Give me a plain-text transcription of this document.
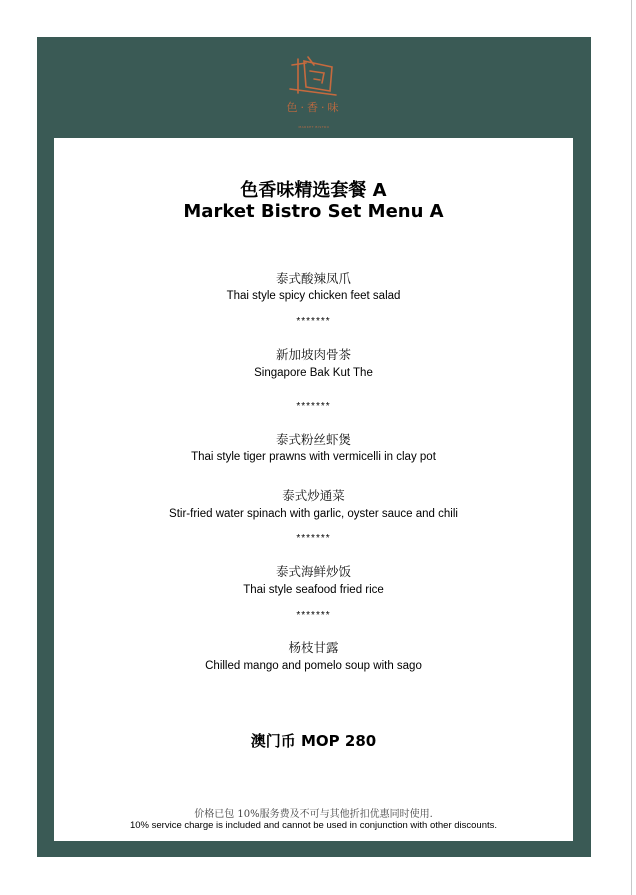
色·香·味
MARKET BISTRO
色香味精选套餐 A
Market Bistro Set Menu A
泰式酸辣凤爪
Thai style spicy chicken feet salad
*******
新加坡肉骨茶
Singapore Bak Kut The
*******
泰式粉丝虾煲
Thai style tiger prawns with vermicelli in clay pot
泰式炒通菜
Stir-fried water spinach with garlic, oyster sauce and chili
*******
泰式海鲜炒饭
Thai style seafood fried rice
*******
杨枝甘露
Chilled mango and pomelo soup with sago
澳门币 MOP 280
价格已包 10%服务费及不可与其他折扣优惠同时使用.
10% service charge is included and cannot be used in conjunction with other discounts.
